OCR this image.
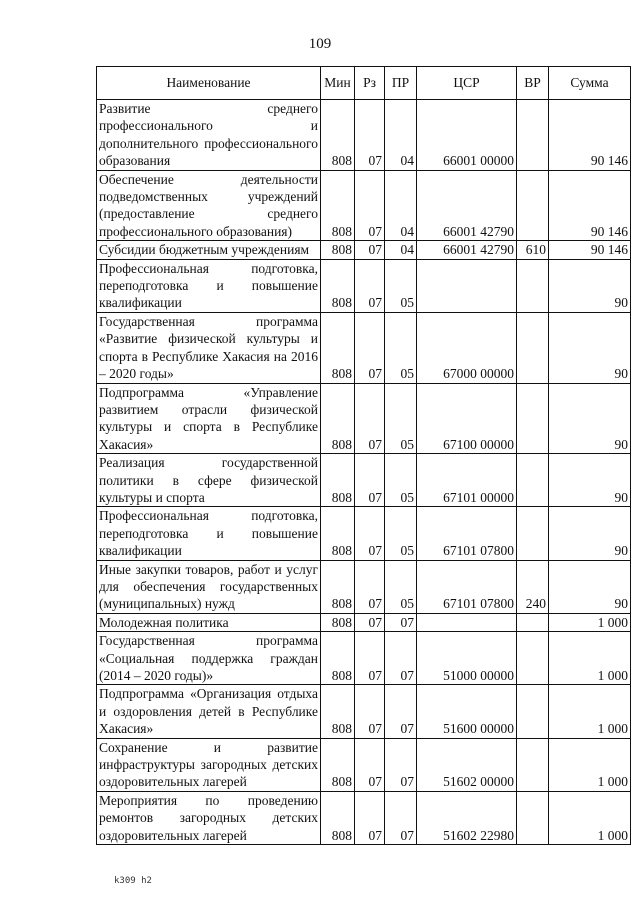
109
Наименование	Мин	Рз	ПР	ЦСР	ВР	Сумма
Развитие среднего профессионального и дополнительного профессионального образования	808	07	04	66001 00000		90 146
Обеспечение деятельности подведомственных учреждений (предоставление среднего профессионального образования)	808	07	04	66001 42790		90 146
Субсидии бюджетным учреждениям	808	07	04	66001 42790	610	90 146
Профессиональная подготовка, переподготовка и повышение квалификации	808	07	05			90
Государственная программа «Развитие физической культуры и спорта в Республике Хакасия на 2016 – 2020 годы»	808	07	05	67000 00000		90
Подпрограмма «Управление развитием отрасли физической культуры и спорта в Республике Хакасия»	808	07	05	67100 00000		90
Реализация государственной политики в сфере физической культуры и спорта	808	07	05	67101 00000		90
Профессиональная подготовка, переподготовка и повышение квалификации	808	07	05	67101 07800		90
Иные закупки товаров, работ и услуг для обеспечения государственных (муниципальных) нужд	808	07	05	67101 07800	240	90
Молодежная политика	808	07	07			1 000
Государственная программа «Социальная поддержка граждан (2014 – 2020 годы)»	808	07	07	51000 00000		1 000
Подпрограмма «Организация отдыха и оздоровления детей в Республике Хакасия»	808	07	07	51600 00000		1 000
Сохранение и развитие инфраструктуры загородных детских оздоровительных лагерей	808	07	07	51602 00000		1 000
Мероприятия по проведению ремонтов загородных детских оздоровительных лагерей	808	07	07	51602 22980		1 000
k309 h2
